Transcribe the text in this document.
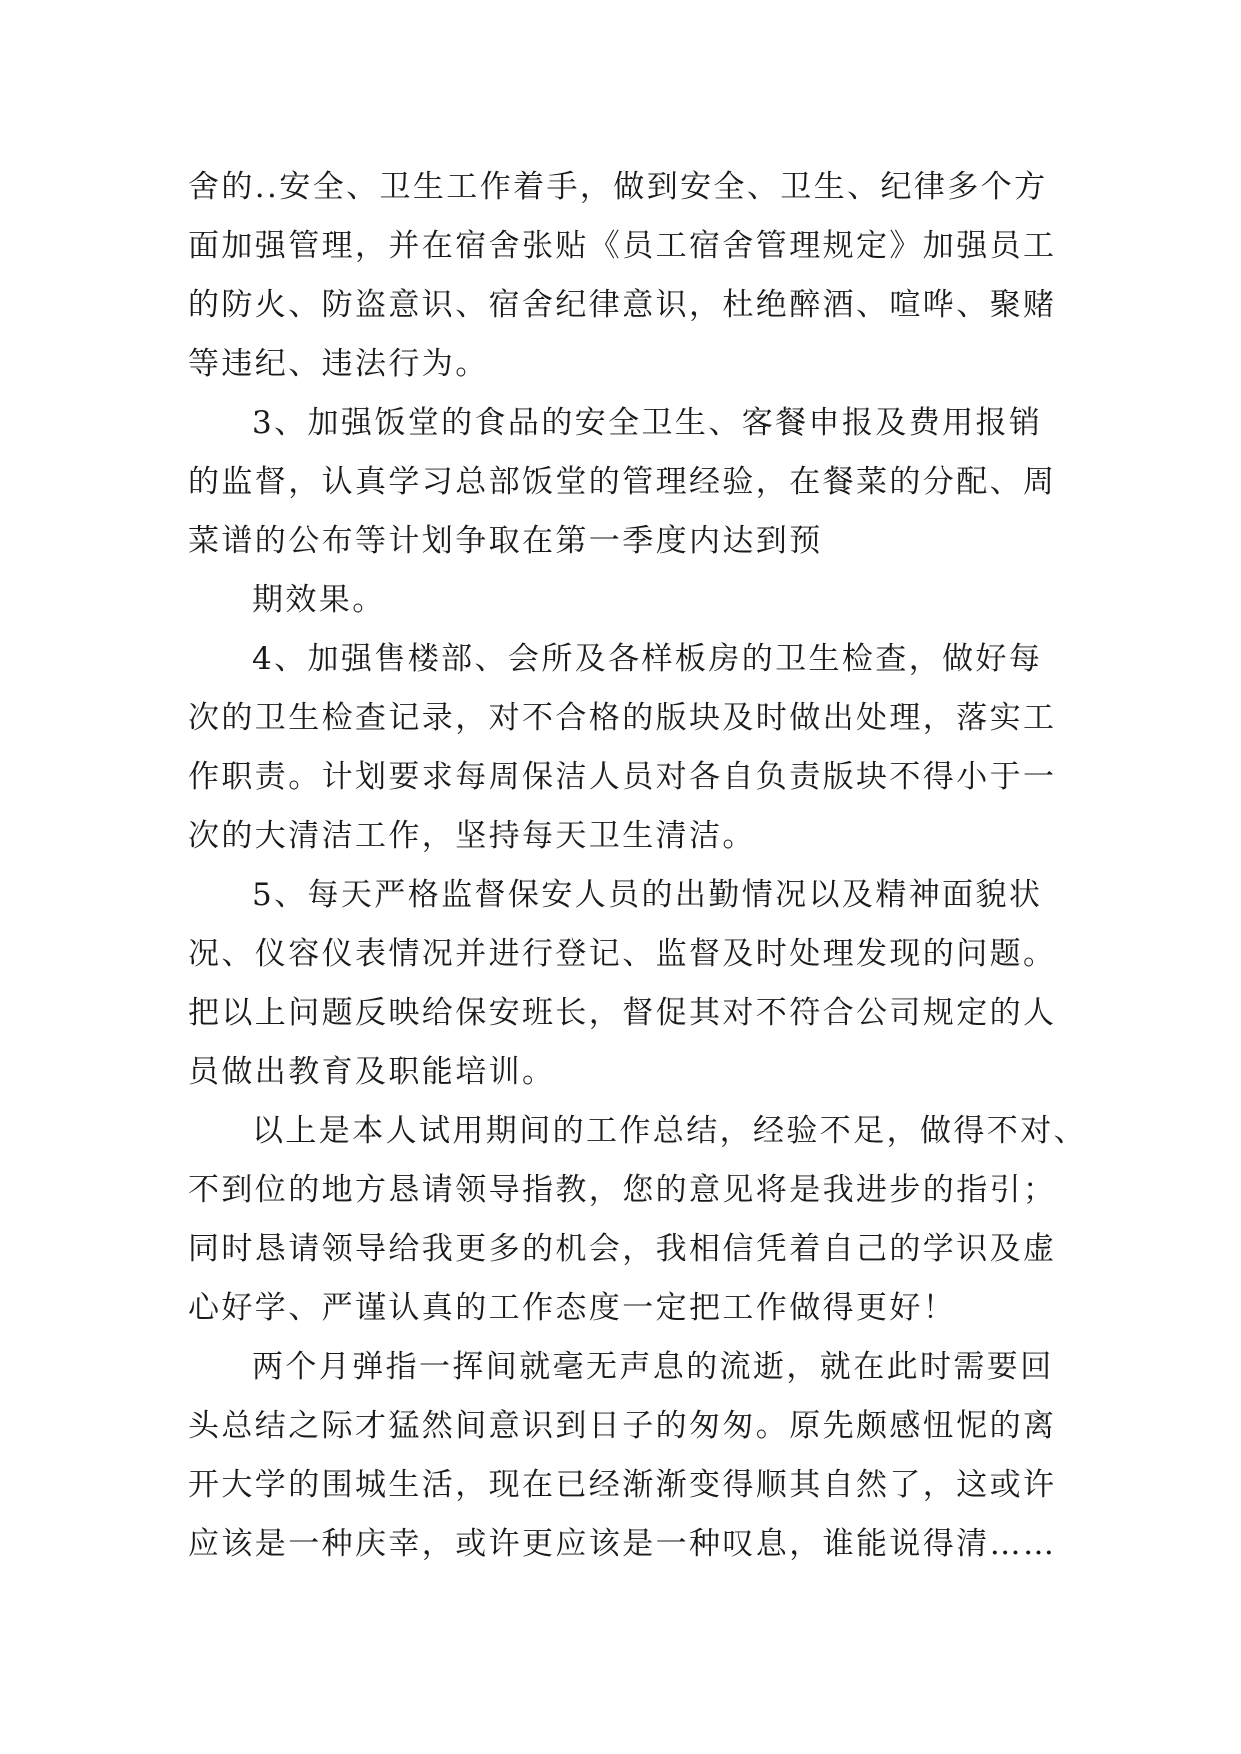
舍的..安全、卫生工作着手，做到安全、卫生、纪律多个方
面加强管理，并在宿舍张贴《员工宿舍管理规定》加强员工
的防火、防盗意识、宿舍纪律意识，杜绝醉酒、喧哗、聚赌
等违纪、违法行为。
3、加强饭堂的食品的安全卫生、客餐申报及费用报销
的监督，认真学习总部饭堂的管理经验，在餐菜的分配、周
菜谱的公布等计划争取在第一季度内达到预
期效果。
4、加强售楼部、会所及各样板房的卫生检查，做好每
次的卫生检查记录，对不合格的版块及时做出处理，落实工
作职责。计划要求每周保洁人员对各自负责版块不得小于一
次的大清洁工作，坚持每天卫生清洁。
5、每天严格监督保安人员的出勤情况以及精神面貌状
况、仪容仪表情况并进行登记、监督及时处理发现的问题。
把以上问题反映给保安班长，督促其对不符合公司规定的人
员做出教育及职能培训。
以上是本人试用期间的工作总结，经验不足，做得不对、
不到位的地方恳请领导指教，您的意见将是我进步的指引；
同时恳请领导给我更多的机会，我相信凭着自己的学识及虚
心好学、严谨认真的工作态度一定把工作做得更好！
两个月弹指一挥间就毫无声息的流逝，就在此时需要回
头总结之际才猛然间意识到日子的匆匆。原先颇感忸怩的离
开大学的围城生活，现在已经渐渐变得顺其自然了，这或许
应该是一种庆幸，或许更应该是一种叹息，谁能说得清……
